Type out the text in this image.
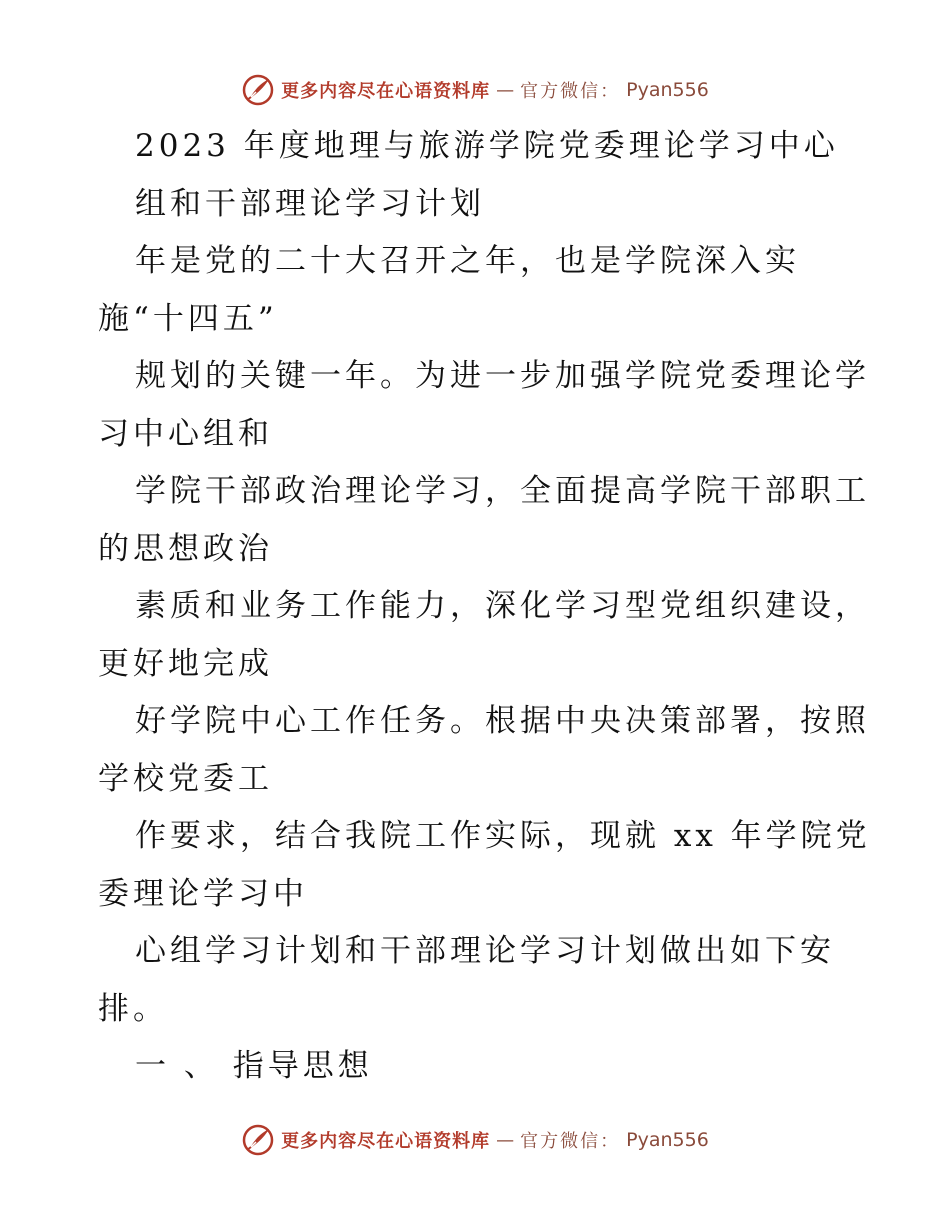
更多内容尽在心语资料库 — 官方微信： Pyan556
2023 年度地理与旅游学院党委理论学习中心
组和干部理论学习计划
年是党的二十大召开之年，也是学院深入实
施“十四五”
规划的关键一年。为进一步加强学院党委理论学
习中心组和
学院干部政治理论学习，全面提高学院干部职工
的思想政治
素质和业务工作能力，深化学习型党组织建设，
更好地完成
好学院中心工作任务。根据中央决策部署，按照
学校党委工
作要求，结合我院工作实际，现就 xx 年学院党
委理论学习中
心组学习计划和干部理论学习计划做出如下安
排。
一 、 指导思想
更多内容尽在心语资料库 — 官方微信： Pyan556
